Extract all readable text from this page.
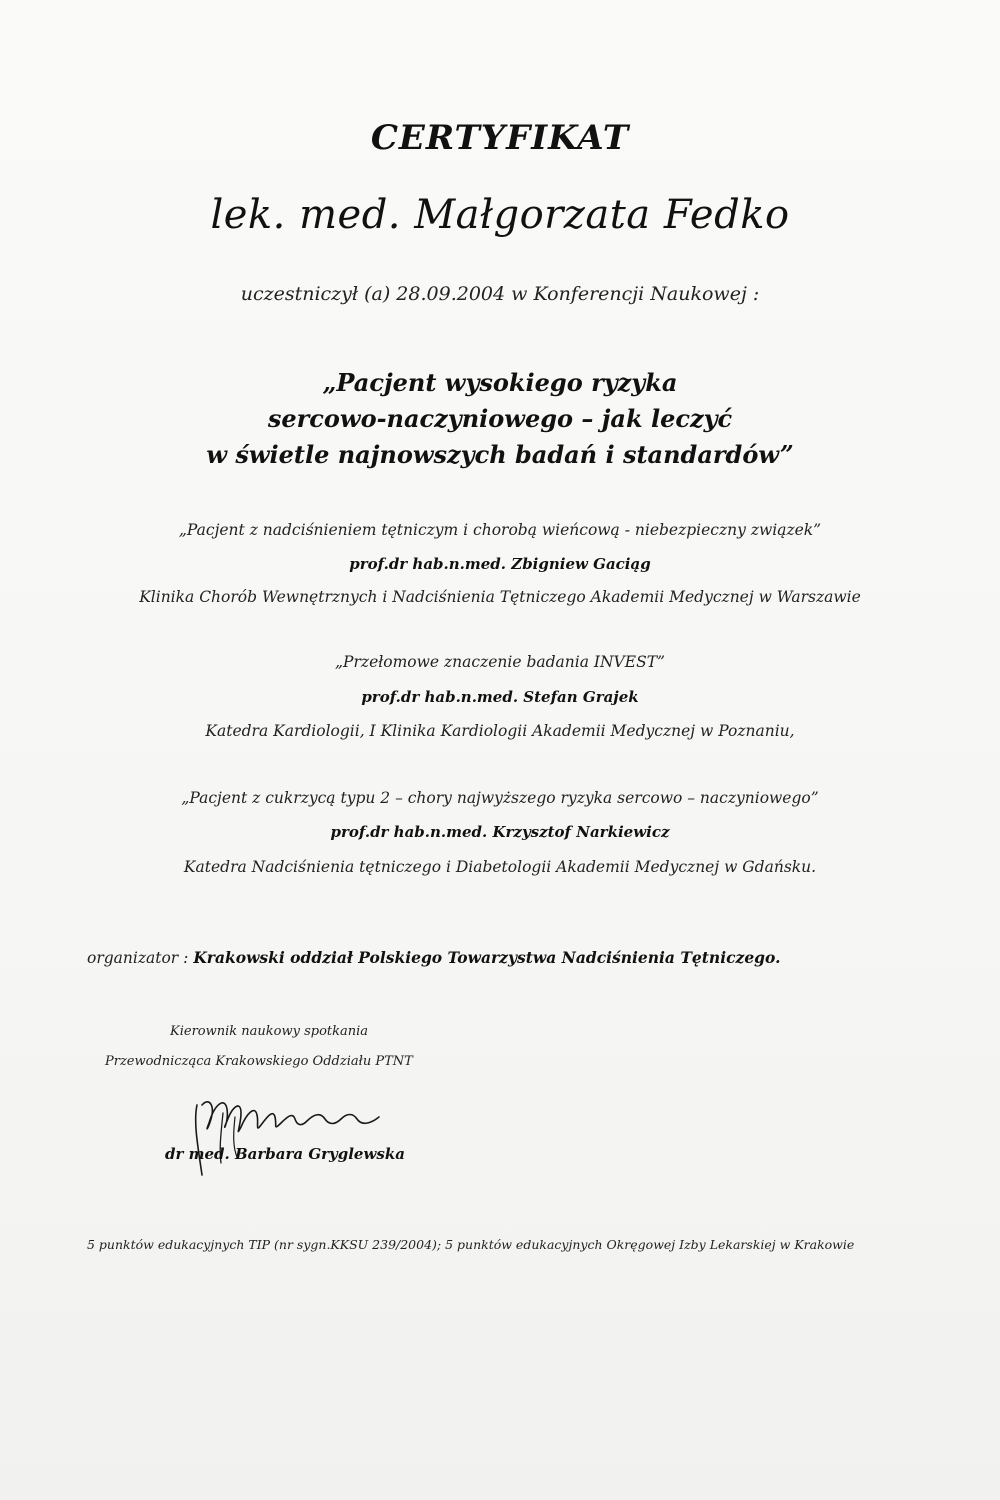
CERTYFIKAT
lek. med. Małgorzata Fedko
uczestniczył (a) 28.09.2004 w Konferencji Naukowej :
„Pacjent wysokiego ryzyka
sercowo-naczyniowego – jak leczyć
w świetle najnowszych badań i standardów”
„Pacjent z nadciśnieniem tętniczym i chorobą wieńcową - niebezpieczny związek”
prof.dr hab.n.med. Zbigniew Gaciąg
Klinika Chorób Wewnętrznych i Nadciśnienia Tętniczego Akademii Medycznej w Warszawie
„Przełomowe znaczenie badania INVEST”
prof.dr hab.n.med. Stefan Grajek
Katedra Kardiologii, I Klinika Kardiologii Akademii Medycznej w Poznaniu,
„Pacjent z cukrzycą typu 2 – chory najwyższego ryzyka sercowo – naczyniowego”
prof.dr hab.n.med. Krzysztof Narkiewicz
Katedra Nadciśnienia tętniczego i Diabetologii Akademii Medycznej w Gdańsku.
organizator : Krakowski oddział Polskiego Towarzystwa Nadciśnienia Tętniczego.
Kierownik naukowy spotkania
Przewodnicząca Krakowskiego Oddziału PTNT
dr med. Barbara Gryglewska
5 punktów edukacyjnych TIP (nr sygn.KKSU 239/2004); 5 punktów edukacyjnych Okręgowej Izby Lekarskiej w Krakowie
